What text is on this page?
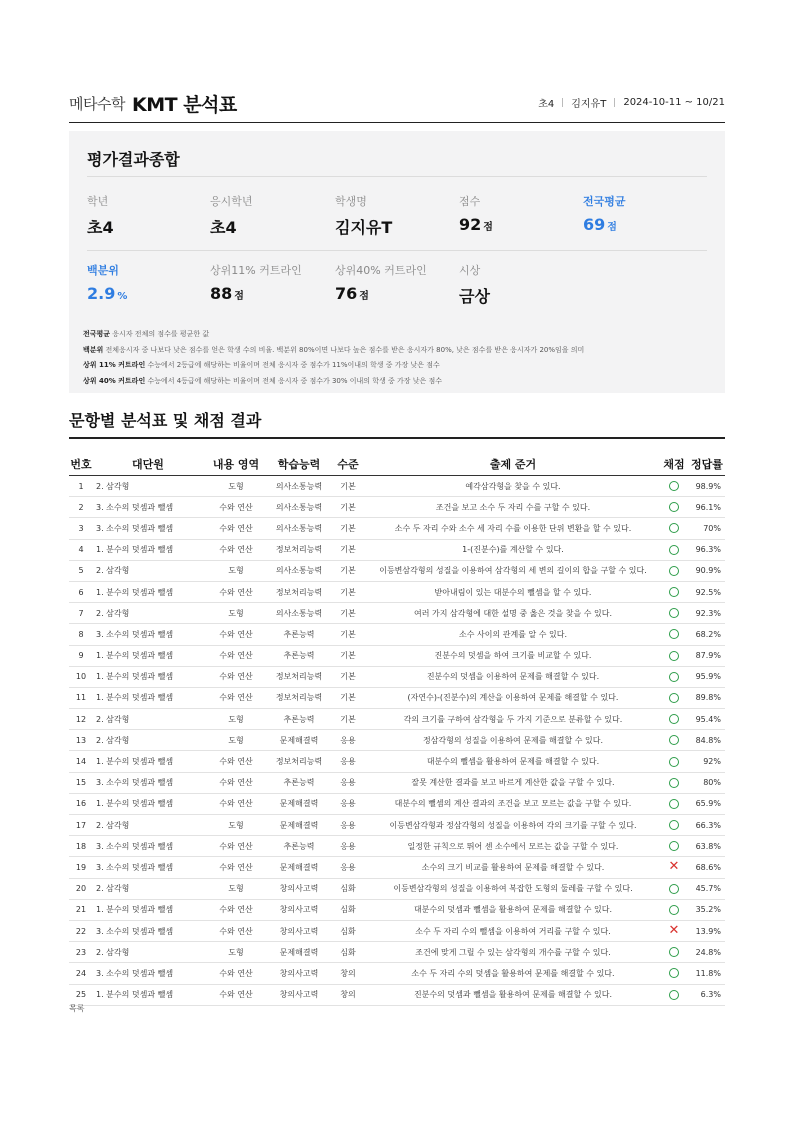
메타수학 KMT 분석표	초4 김지유T 2024-10-11 ~ 10/21
평가결과종합
학년
초4
응시학년
초4
학생명
김지유T
점수
92 점
전국평균
69 점
백분위
2.9 %
상위11% 커트라인
88 점
상위40% 커트라인
76 점
시상
금상
전국평균 응시자 전체의 점수를 평균한 값
백분위 전체응시자 중 나보다 낮은 점수를 얻은 학생 수의 비율. 백분위 80%이면 나보다 높은 점수를 받은 응시자가 80%, 낮은 점수를 받은 응시자가 20%임을 의미
상위 11% 커트라인 수능에서 2등급에 해당하는 비율이며 전체 응시자 중 점수가 11%이내의 학생 중 가장 낮은 점수
상위 40% 커트라인 수능에서 4등급에 해당하는 비율이며 전체 응시자 중 점수가 30% 이내의 학생 중 가장 낮은 점수
문항별 분석표 및 채점 결과
번호	대단원	내용 영역	학습능력	수준	출제 준거	채점	정답률
1	2. 삼각형	도형	의사소통능력	기본	예각삼각형을 찾을 수 있다.		98.9%
2	3. 소수의 덧셈과 뺄셈	수와 연산	의사소통능력	기본	조건을 보고 소수 두 자리 수를 구할 수 있다.		96.1%
3	3. 소수의 덧셈과 뺄셈	수와 연산	의사소통능력	기본	소수 두 자리 수와 소수 세 자리 수를 이용한 단위 변환을 할 수 있다.		70%
4	1. 분수의 덧셈과 뺄셈	수와 연산	정보처리능력	기본	1-(진분수)를 계산할 수 있다.		96.3%
5	2. 삼각형	도형	의사소통능력	기본	이등변삼각형의 성질을 이용하여 삼각형의 세 변의 길이의 합을 구할 수 있다.		90.9%
6	1. 분수의 덧셈과 뺄셈	수와 연산	정보처리능력	기본	받아내림이 있는 대분수의 뺄셈을 할 수 있다.		92.5%
7	2. 삼각형	도형	의사소통능력	기본	여러 가지 삼각형에 대한 설명 중 옳은 것을 찾을 수 있다.		92.3%
8	3. 소수의 덧셈과 뺄셈	수와 연산	추론능력	기본	소수 사이의 관계를 알 수 있다.		68.2%
9	1. 분수의 덧셈과 뺄셈	수와 연산	추론능력	기본	진분수의 덧셈을 하여 크기를 비교할 수 있다.		87.9%
10	1. 분수의 덧셈과 뺄셈	수와 연산	정보처리능력	기본	진분수의 덧셈을 이용하여 문제를 해결할 수 있다.		95.9%
11	1. 분수의 덧셈과 뺄셈	수와 연산	정보처리능력	기본	(자연수)-(진분수)의 계산을 이용하여 문제를 해결할 수 있다.		89.8%
12	2. 삼각형	도형	추론능력	기본	각의 크기를 구하여 삼각형을 두 가지 기준으로 분류할 수 있다.		95.4%
13	2. 삼각형	도형	문제해결력	응용	정삼각형의 성질을 이용하여 문제를 해결할 수 있다.		84.8%
14	1. 분수의 덧셈과 뺄셈	수와 연산	정보처리능력	응용	대분수의 뺄셈을 활용하여 문제를 해결할 수 있다.		92%
15	3. 소수의 덧셈과 뺄셈	수와 연산	추론능력	응용	잘못 계산한 결과를 보고 바르게 계산한 값을 구할 수 있다.		80%
16	1. 분수의 덧셈과 뺄셈	수와 연산	문제해결력	응용	대분수의 뺄셈의 계산 결과의 조건을 보고 모르는 값을 구할 수 있다.		65.9%
17	2. 삼각형	도형	문제해결력	응용	이등변삼각형과 정삼각형의 성질을 이용하여 각의 크기를 구할 수 있다.		66.3%
18	3. 소수의 덧셈과 뺄셈	수와 연산	추론능력	응용	일정한 규칙으로 뛰어 센 소수에서 모르는 값을 구할 수 있다.		63.8%
19	3. 소수의 덧셈과 뺄셈	수와 연산	문제해결력	응용	소수의 크기 비교를 활용하여 문제를 해결할 수 있다.	✕	68.6%
20	2. 삼각형	도형	창의사고력	심화	이등변삼각형의 성질을 이용하여 복잡한 도형의 둘레를 구할 수 있다.		45.7%
21	1. 분수의 덧셈과 뺄셈	수와 연산	창의사고력	심화	대분수의 덧셈과 뺄셈을 활용하여 문제를 해결할 수 있다.		35.2%
22	3. 소수의 덧셈과 뺄셈	수와 연산	창의사고력	심화	소수 두 자리 수의 뺄셈을 이용하여 거리를 구할 수 있다.	✕	13.9%
23	2. 삼각형	도형	문제해결력	심화	조건에 맞게 그릴 수 있는 삼각형의 개수를 구할 수 있다.		24.8%
24	3. 소수의 덧셈과 뺄셈	수와 연산	창의사고력	창의	소수 두 자리 수의 덧셈을 활용하여 문제를 해결할 수 있다.		11.8%
25	1. 분수의 덧셈과 뺄셈	수와 연산	창의사고력	창의	진분수의 덧셈과 뺄셈을 활용하여 문제를 해결할 수 있다.		6.3%
목록
